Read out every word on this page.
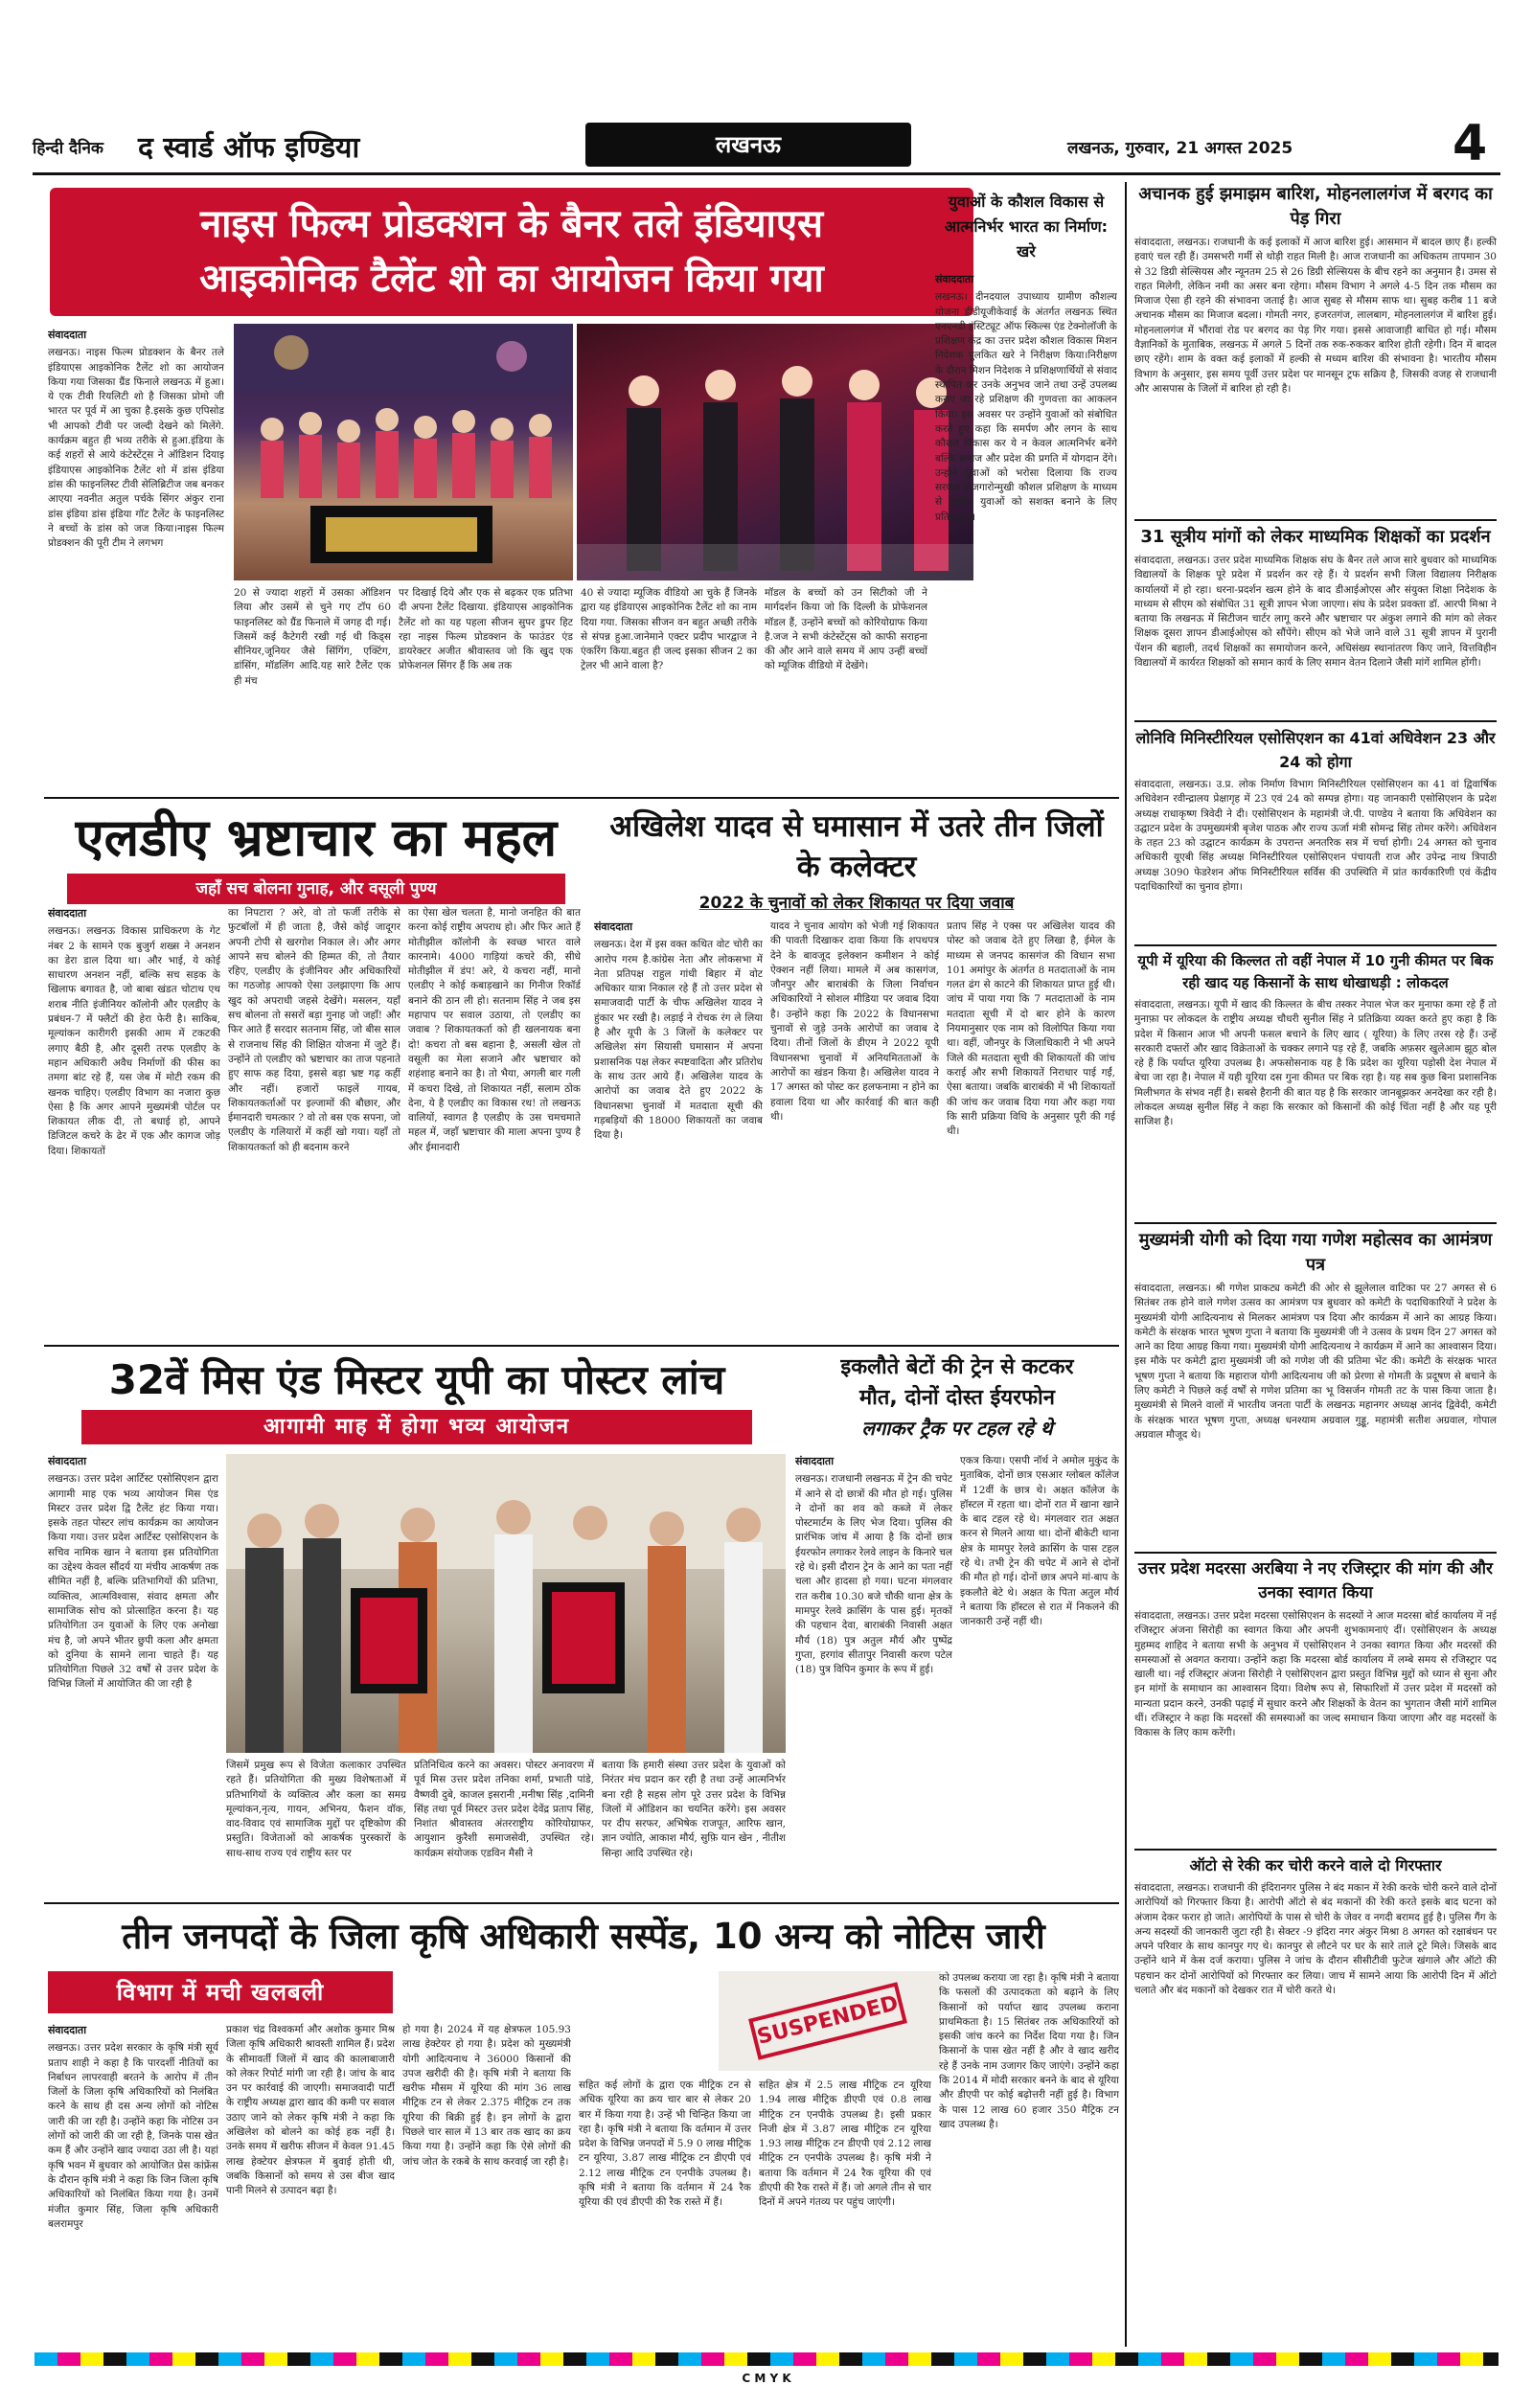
हिन्दी दैनिक द स्वार्ड ऑफ इण्डिया	लखनऊ	लखनऊ, गुरुवार, 21 अगस्त 2025	4
नाइस फिल्म प्रोडक्शन के बैनर तले इंडियाएस
आइकोनिक टैलेंट शो का आयोजन किया गया
संवाददाता
लखनऊ। नाइस फिल्म प्रोडक्शन के बैनर तले इंडियाएस आइकोनिक टैलेंट शो का आयोजन किया गया जिसका ग्रैंड फिनाले लखनऊ में हुआ।ये एक टीवी रियलिटी शो है जिसका प्रोमो जी भारत पर पूर्व में आ चुका है.इसके कुछ एपिसोड भी आपको टीवी पर जल्दी देखने को मिलेंगे. कार्यक्रम बहुत ही भव्य तरीके से हुआ.इंडिया के कई शहरों से आये कंटेस्टेंट्स ने ऑडिशन दियाइ इंडियाएस आइकोनिक टैलेंट शो में डांस इंडिया डांस की फाइनलिस्ट टीवी सेलिब्रिटीज जब बनकर आएया नवनीत अतुल पर्चके सिंगर अंकुर राना डांस इंडिया डांस इंडिया गॉट टैलेंट के फाइनलिस्ट ने बच्चों के डांस को जज किया।नाइस फिल्म प्रोडक्शन की पूरी टीम ने लगभग
20 से ज्यादा शहरों में उसका ऑडिशन लिया और उसमें से चुने गए टॉप 60 फाइनलिस्ट को ग्रैंड फिनाले में जगह दी गई।जिसमें कई कैटेगरी रखी गई थी किड्स सीनियर,जूनियर जैसे सिंगिंग, एक्टिंग, डांसिंग, मॉडलिंग आदि.यह सारे टैलेंट एक ही मंच
पर दिखाई दिये और एक से बढ़कर एक प्रतिभा दी अपना टैलेंट दिखाया. इंडियाएस आइकोनिक टैलेंट शो का यह पहला सीजन सुपर डुपर हिट रहा नाइस फिल्म प्रोडक्शन के फाउंडर एंड डायरेक्टर अजीत श्रीवास्तव जो कि खुद एक प्रोफेशनल सिंगर हैं कि अब तक
40 से ज्यादा म्यूजिक वीडियो आ चुके हैं जिनके द्वारा यह इंडियाएस आइकोनिक टैलेंट शो का नाम दिया गया. जिसका सीजन वन बहुत अच्छी तरीके से संपन्न हुआ.जानेमाने एक्टर प्रदीप भारद्वाज ने एंकरिंग किया.बहुत ही जल्द इसका सीजन 2 का ट्रेलर भी आने वाला है?
मॉडल के बच्चों को उन सिटीको जी ने मार्गदर्शन किया जो कि दिल्ली के प्रोफेशनल मॉडल हैं, उन्होंने बच्चों को कोरियोग्राफ किया है.जज ने सभी कंटेस्टेंट्स को काफी सराहना की और आने वाले समय में आप उन्हीं बच्चों को म्यूजिक वीडियो में देखेंगे।
युवाओं के कौशल विकास से आत्मनिर्भर भारत का निर्माण: खरे
संवाददाता
लखनऊ। दीनदयाल उपाध्याय ग्रामीण कौशल्य योजना डीडीयूजीकेवाई के अंतर्गत लखनऊ स्थित एनएनडी इंस्टिट्यूट ऑफ स्किल्स एंड टेक्नोलॉजी के प्रशिक्षण केंद्र का उत्तर प्रदेश कौशल विकास मिशन निदेशक पुलकित खरे ने निरीक्षण किया।निरीक्षण के दौरान मिशन निदेशक ने प्रशिक्षणार्थियों से संवाद स्थापित कर उनके अनुभव जाने तथा उन्हें उपलब्ध कराए जा रहे प्रशिक्षण की गुणवत्ता का आकलन किया। इस अवसर पर उन्होंने युवाओं को संबोधित करते हुए कहा कि समर्पण और लगन के साथ कौशल विकास कर ये न केवल आत्मनिर्भर बनेंगे बल्कि समाज और प्रदेश की प्रगति में योगदान देंगे।उन्होंने युवाओं को भरोसा दिलाया कि राज्य सरकार रोजगारोन्मुखी कौशल प्रशिक्षण के माध्यम से ग्रामीण युवाओं को सशक्त बनाने के लिए प्रतिबद्ध है।
एलडीए भ्रष्टाचार का महल
जहाँ सच बोलना गुनाह, और वसूली पुण्य
संवाददाता
लखनऊ। लखनऊ विकास प्राधिकरण के गेट नंबर 2 के सामने एक बुजुर्ग शख्स ने अनशन का डेरा डाल दिया था। और भाई, ये कोई साधारण अनशन नहीं, बल्कि सच सड़क के खिलाफ बगावत है, जो बाबा खंडत चोटाथ एथ शराब नीति इंजीनियर कॉलोनी और एलडीए के प्रबंधन-7 में फ्लैटों की हेरा फेरी है। साकिब, मूल्यांकन कारीगरी इसकी आम में टकटकी लगाए बैठी है, और दूसरी तरफ एलडीए के महान अधिकारी अवैध निर्माणों की फीस का तमगा बांट रहे हैं, यस जेब में मोटी रकम की खनक चाहिए। एलडीए विभाग का नजारा कुछ ऐसा है कि अगर आपने मुख्यमंत्री पोर्टल पर शिकायत लीक दी, तो बधाई हो, आपने डिजिटल कचरे के ढेर में एक और कागज जोड़ दिया। शिकायतों
का निपटारा ? अरे, वो तो फर्जी तरीके से फुटबॉलों में ही जाता है, जैसे कोई जादूगर अपनी टोपी से खरगोश निकाल ले। और अगर आपने सच बोलने की हिम्मत की, तो तैयार रहिए, एलडीए के इंजीनियर और अधिकारियों का गठजोड़ आपको ऐसा उलझाएगा कि आप खुद को अपराधी जहसे देखेंगे। मसलन, यहाँ सच बोलना तो ससरों बड़ा गुनाह जो जहाँ! और फिर आते हैं सरदार सतनाम सिंह, जो बीस साल से राजनाथ सिंह की शिक्षित योजना में जुटे हैं। उन्होंने तो एलडीए को भ्रष्टाचार का ताज पहनाते हुए साफ कह दिया, इससे बड़ा भ्रष्ट गढ़ कहीं और नहीं। हजारों फाइलें गायब, शिकायतकर्ताओं पर इल्जामों की बौछार, और ईमानदारी चमत्कार ? वो तो बस एक सपना, जो एलडीए के गलियारों में कहीं खो गया। यहाँ तो शिकायतकर्ता को ही बदनाम करने
का ऐसा खेल चलता है, मानो जनहित की बात करना कोई राष्ट्रीय अपराध हो। और फिर आते हैं मोतीझील कॉलोनी के स्वच्छ भारत वाले कारनामे। 4000 गाड़ियां कचरे की, सीधे मोतीझील में डंप! अरे, ये कचरा नहीं, मानो एलडीए ने कोई कबाड़खाने का गिनीज रिकॉर्ड बनाने की ठान ली हो। सतनाम सिंह ने जब इस महापाप पर सवाल उठाया, तो एलडीए का जवाब ? शिकायतकर्ता को ही खलनायक बना दो! कचरा तो बस बहाना है, असली खेल तो वसूली का मेला सजाने और भ्रष्टाचार को शहंशाह बनाने का है। तो भैया, अगली बार गली में कचरा दिखे, तो शिकायत नहीं, सलाम ठोक देना, ये है एलडीए का विकास रथ! तो लखनऊ वालियों, स्वागत है एलडीए के उस चमचमाते महल में, जहाँ भ्रष्टाचार की माला अपना पुण्य है और ईमानदारी
अखिलेश यादव से घमासान में उतरे तीन जिलों के कलेक्टर
2022 के चुनावों को लेकर शिकायत पर दिया जवाब
संवाददाता
लखनऊ। देश में इस वक्त कथित वोट चोरी का आरोप गरम है.कांग्रेस नेता और लोकसभा में नेता प्रतिपक्ष राहुल गांधी बिहार में वोट अधिकार यात्रा निकाल रहे हैं तो उत्तर प्रदेश से समाजवादी पार्टी के चीफ अखिलेश यादव ने हुंकार भर रखी है। लड़ाई ने रोचक रंग ले लिया है और यूपी के 3 जिलों के कलेक्टर पर अखिलेश संग सियासी घमासान में अपना प्रशासनिक पक्ष लेकर स्पष्टवादिता और प्रतिरोध के साथ उतर आये हैं। अखिलेश यादव के आरोपों का जवाब देते हुए 2022 के विधानसभा चुनावों में मतदाता सूची की गड़बड़ियों की 18000 शिकायतों का जवाब दिया है।
यादव ने चुनाव आयोग को भेजी गई शिकायत की पावती दिखाकर दावा किया कि शपथपत्र देने के बावजूद इलेक्शन कमीशन ने कोई ऐक्शन नहीं लिया। मामले में अब कासगंज, जौनपुर और बाराबंकी के जिला निर्वाचन अधिकारियों ने सोशल मीडिया पर जवाब दिया है। उन्होंने कहा कि 2022 के विधानसभा चुनावों से जुड़े उनके आरोपों का जवाब दे दिया। तीनों जिलों के डीएम ने 2022 यूपी विधानसभा चुनावों में अनियमितताओं के आरोपों का खंडन किया है। अखिलेश यादव ने 17 अगस्त को पोस्ट कर हलफनामा न होने का हवाला दिया था और कार्रवाई की बात कही थी।
प्रताप सिंह ने एक्स पर अखिलेश यादव की पोस्ट को जवाब देते हुए लिखा है, ईमेल के माध्यम से जनपद कासगंज की विधान सभा 101 अमांपुर के अंतर्गत 8 मतदाताओं के नाम गलत ढंग से काटने की शिकायत प्राप्त हुई थी। जांच में पाया गया कि 7 मतदाताओं के नाम मतदाता सूची में दो बार होने के कारण नियमानुसार एक नाम को विलोपित किया गया था। वहीं, जौनपुर के जिलाधिकारी ने भी अपने जिले की मतदाता सूची की शिकायतों की जांच कराई और सभी शिकायतें निराधार पाई गईं, ऐसा बताया। जबकि बाराबंकी में भी शिकायतों की जांच कर जवाब दिया गया और कहा गया कि सारी प्रक्रिया विधि के अनुसार पूरी की गई थी।
32वें मिस एंड मिस्टर यूपी का पोस्टर लांच
आगामी माह में होगा भव्य आयोजन
संवाददाता
लखनऊ। उत्तर प्रदेश आर्टिस्ट एसोसिएशन द्वारा आगामी माह एक भव्य आयोजन मिस एंड मिस्टर उत्तर प्रदेश द्वि टैलेंट हंट किया गया। इसके तहत पोस्टर लांच कार्यक्रम का आयोजन किया गया। उत्तर प्रदेश आर्टिस्ट एसोसिएशन के सचिव नामिक खान ने बताया इस प्रतियोगिता का उद्देश्य केवल सौंदर्य या मंचीय आकर्षण तक सीमित नहीं है, बल्कि प्रतिभागियों की प्रतिभा, व्यक्तित्व, आत्मविश्वास, संवाद क्षमता और सामाजिक सोच को प्रोत्साहित करना है। यह प्रतियोगिता उन युवाओं के लिए एक अनोखा मंच है, जो अपने भीतर छुपी कला और क्षमता को दुनिया के सामने लाना चाहते हैं। यह प्रतियोगिता पिछले 32 वर्षों से उत्तर प्रदेश के विभिन्न जिलों में आयोजित की जा रही है
जिसमें प्रमुख रूप से विजेता कलाकार उपस्थित रहते हैं। प्रतियोगिता की मुख्य विशेषताओं में प्रतिभागियों के व्यक्तित्व और कला का समग्र मूल्यांकन,नृत्य, गायन, अभिनय, फैशन वॉक, वाद-विवाद एवं सामाजिक मुद्दों पर दृष्टिकोण की प्रस्तुति। विजेताओं को आकर्षक पुरस्कारों के साथ-साथ राज्य एवं राष्ट्रीय स्तर पर
प्रतिनिधित्व करने का अवसर। पोस्टर अनावरण में पूर्व मिस उत्तर प्रदेश तनिका शर्मा, प्रभाती पांडे, वैष्णवी दुबे, काजल इसरानी ,मनीषा सिंह ,दामिनी सिंह तथा पूर्व मिस्टर उत्तर प्रदेश देवेंद्र प्रताप सिंह, निशांत श्रीवास्तव अंतरराष्ट्रीय कोरियोग्राफर, आयुशान कुरैशी समाजसेवी, उपस्थित रहे। कार्यक्रम संयोजक एडविन मैसी ने
बताया कि हमारी संस्था उत्तर प्रदेश के युवाओं को निरंतर मंच प्रदान कर रही है तथा उन्हें आत्मनिर्भर बना रही है सहस लोग पूरे उत्तर प्रदेश के विभिन्न जिलों में ऑडिशन का चयनित करेंगे। इस अवसर पर दीप सरफर, अभिषेक राजपूत, आरिफ खान, ज्ञान ज्योति, आकाश मौर्य, सुफ़ि यान खेन , नीतीश सिन्हा आदि उपस्थित रहे।
इकलौते बेटों की ट्रेन से कटकर
मौत, दोनों दोस्त ईयरफोन
लगाकर ट्रैक पर टहल रहे थे
संवाददाता
लखनऊ। राजधानी लखनऊ में ट्रेन की चपेट में आने से दो छात्रों की मौत हो गई। पुलिस ने दोनों का शव को कब्जे में लेकर पोस्टमार्टम के लिए भेज दिया। पुलिस की प्रारंभिक जांच में आया है कि दोनों छात्र ईयरफोन लगाकर रेलवे लाइन के किनारे चल रहे थे। इसी दौरान ट्रेन के आने का पता नहीं चला और हादसा हो गया। घटना मंगलवार रात करीब 10.30 बजे चौकी थाना क्षेत्र के मामपुर रेलवे क्रासिंग के पास हुई। मृतकों की पहचान देवा, बाराबंकी निवासी अक्षत मौर्य (18) पुत्र अतुल मौर्य और पुष्पेंद्र गुप्ता, हरगांव सीतापुर निवासी करण पटेल (18) पुत्र विपिन कुमार के रूप में हुई।
एकत्र किया। एसपी नॉर्थ ने अमोल मुकुंद के मुताबिक, दोनों छात्र एसआर ग्लोबल कॉलेज में 12वीं के छात्र थे। अक्षत कॉलेज के हॉस्टल में रहता था। दोनों रात में खाना खाने के बाद टहल रहे थे। मंगलवार रात अक्षत करन से मिलने आया था। दोनों बीकेटी थाना क्षेत्र के मामपुर रेलवे क्रासिंग के पास टहल रहे थे। तभी ट्रेन की चपेट में आने से दोनों की मौत हो गई। दोनों छात्र अपने मां-बाप के इकलौते बेटे थे। अक्षत के पिता अतुल मौर्य ने बताया कि हॉस्टल से रात में निकलने की जानकारी उन्हें नहीं थी।
तीन जनपदों के जिला कृषि अधिकारी सस्पेंड, 10 अन्य को नोटिस जारी
विभाग में मची खलबली	SUSPENDED
संवाददाता
लखनऊ। उत्तर प्रदेश सरकार के कृषि मंत्री सूर्य प्रताप शाही ने कहा है कि पारदर्शी नीतियों का निर्बाधन लापरवाही बरतने के आरोप में तीन जिलों के जिला कृषि अधिकारियों को निलंबित करने के साथ ही दस अन्य लोगों को नोटिस जारी की जा रही है। उन्होंने कहा कि नोटिस उन लोगों को जारी की जा रही है, जिनके पास खेत कम हैं और उन्होंने खाद ज्यादा उठा ली है। यहां कृषि भवन में बुधवार को आयोजित प्रेस कांफ्रेंस के दौरान कृषि मंत्री ने कहा कि जिन जिला कृषि अधिकारियों को निलंबित किया गया है। उनमें मंजीत कुमार सिंह, जिला कृषि अधिकारी बलरामपुर
प्रकाश चंद्र विश्वकर्मा और अशोक कुमार मिश्र जिला कृषि अधिकारी श्रावस्ती शामिल हैं। प्रदेश के सीमावर्ती जिलों में खाद की कालाबाजारी को लेकर रिपोर्ट मांगी जा रही है। जांच के बाद उन पर कार्रवाई की जाएगी। समाजवादी पार्टी के राष्ट्रीय अध्यक्ष द्वारा खाद की कमी पर सवाल उठाए जाने को लेकर कृषि मंत्री ने कहा कि अखिलेश को बोलने का कोई हक नहीं है। उनके समय में खरीफ सीजन में केवल 91.45 लाख हेक्टेयर क्षेत्रफल में बुवाई होती थी, जबकि किसानों को समय से उस बीज खाद पानी मिलने से उत्पादन बढ़ा है।
हो गया है। 2024 में यह क्षेत्रफल 105.93 लाख हेक्टेयर हो गया है। प्रदेश को मुख्यमंत्री योगी आदित्यनाथ ने 36000 किसानों की उपज खरीदी की है। कृषि मंत्री ने बताया कि खरीफ मौसम में यूरिया की मांग 36 लाख मीट्रिक टन से लेकर 2.375 मीट्रिक टन तक यूरिया की बिक्री हुई है। इन लोगों के द्वारा पिछले चार साल में 13 बार तक खाद का क्रय किया गया है। उन्होंने कहा कि ऐसे लोगों की जांच जोत के रकबे के साथ करवाई जा रही है।
सहित कई लोगों के द्वारा एक मीट्रिक टन से अधिक यूरिया का क्रय चार बार से लेकर 20 बार में किया गया है। उन्हें भी चिन्हित किया जा रहा है। कृषि मंत्री ने बताया कि वर्तमान में उत्तर प्रदेश के विभिन्न जनपदों में 5.9 0 लाख मीट्रिक टन यूरिया, 3.87 लाख मीट्रिक टन डीएपी एवं 2.12 लाख मीट्रिक टन एनपीके उपलब्ध है। कृषि मंत्री ने बताया कि वर्तमान में 24 रैक यूरिया की एवं डीएपी की रैक रास्ते में हैं।
सहित क्षेत्र में 2.5 लाख मीट्रिक टन यूरिया 1.94 लाख मीट्रिक डीएपी एवं 0.8 लाख मीट्रिक टन एनपीके उपलब्ध है। इसी प्रकार निजी क्षेत्र में 3.87 लाख मीट्रिक टन यूरिया 1.93 लाख मीट्रिक टन डीएपी एवं 2.12 लाख मीट्रिक टन एनपीके उपलब्ध है। कृषि मंत्री ने बताया कि वर्तमान में 24 रैक यूरिया की एवं डीएपी की रैक रास्ते में हैं। जो अगले तीन से चार दिनों में अपने गंतव्य पर पहुंच जाएंगी।
को उपलब्ध कराया जा रहा है। कृषि मंत्री ने बताया कि फसलों की उत्पादकता को बढ़ाने के लिए किसानों को पर्याप्त खाद उपलब्ध कराना प्राथमिकता है। 15 सितंबर तक अधिकारियों को इसकी जांच करने का निर्देश दिया गया है। जिन किसानों के पास खेत नहीं है और वे खाद खरीद रहे हैं उनके नाम उजागर किए जाएंगे। उन्होंने कहा कि 2014 में मोदी सरकार बनने के बाद से यूरिया और डीएपी पर कोई बढ़ोत्तरी नहीं हुई है। विभाग के पास 12 लाख 60 हजार 350 मैट्रिक टन खाद उपलब्ध है।
अचानक हुई झमाझम बारिश, मोहनलालगंज में बरगद का पेड़ गिरा
संवाददाता, लखनऊ। राजधानी के कई इलाकों में आज बारिश हुई। आसमान में बादल छाए हैं। हल्की हवाएं चल रही हैं। उमसभरी गर्मी से थोड़ी राहत मिली है। आज राजधानी का अधिकतम तापमान 30 से 32 डिग्री सेल्सियस और न्यूनतम 25 से 26 डिग्री सेल्सियस के बीच रहने का अनुमान है। उमस से राहत मिलेगी, लेकिन नमी का असर बना रहेगा। मौसम विभाग ने अगले 4-5 दिन तक मौसम का मिजाज ऐसा ही रहने की संभावना जताई है। आज सुबह से मौसम साफ था। सुबह करीब 11 बजे अचानक मौसम का मिजाज बदला। गोमती नगर, हजरतगंज, लालबाग, मोहनलालगंज में बारिश हुई। मोहनलालगंज में भौंरावां रोड पर बरगद का पेड़ गिर गया। इससे आवाजाही बाधित हो गई। मौसम वैज्ञानिकों के मुताबिक, लखनऊ में अगले 5 दिनों तक रुक-रुककर बारिश होती रहेगी। दिन में बादल छाए रहेंगे। शाम के वक्त कई इलाकों में हल्की से मध्यम बारिश की संभावना है। भारतीय मौसम विभाग के अनुसार, इस समय पूर्वी उत्तर प्रदेश पर मानसून ट्रफ सक्रिय है, जिसकी वजह से राजधानी और आसपास के जिलों में बारिश हो रही है।
31 सूत्रीय मांगों को लेकर माध्यमिक शिक्षकों का प्रदर्शन
संवाददाता, लखनऊ। उत्तर प्रदेश माध्यमिक शिक्षक संघ के बैनर तले आज सारे बुधवार को माध्यमिक विद्यालयों के शिक्षक पूरे प्रदेश में प्रदर्शन कर रहे हैं। ये प्रदर्शन सभी जिला विद्यालय निरीक्षक कार्यालयों में हो रहा। धरना-प्रदर्शन खत्म होने के बाद डीआईओएस और संयुक्त शिक्षा निदेशक के माध्यम से सीएम को संबोधित 31 सूत्री ज्ञापन भेजा जाएगा। संघ के प्रदेश प्रवक्ता डॉ. आरपी मिश्रा ने बताया कि लखनऊ में सिटीजन चार्टर लागू करने और भ्रष्टाचार पर अंकुश लगाने की मांग को लेकर शिक्षक दूसरा ज्ञापन डीआईओएस को सौंपेंगे। सीएम को भेजे जाने वाले 31 सूत्री ज्ञापन में पुरानी पेंशन की बहाली, तदर्थ शिक्षकों का समायोजन करने, अधिसंख्य स्थानांतरण किए जाने, वित्तविहीन विद्यालयों में कार्यरत शिक्षकों को समान कार्य के लिए समान वेतन दिलाने जैसी मांगें शामिल होंगी।
लोनिवि मिनिस्टीरियल एसोसिएशन का 41वां अधिवेशन 23 और 24 को होगा
संवाददाता, लखनऊ। उ.प्र. लोक निर्माण विभाग मिनिस्टीरियल एसोसिएशन का 41 वां द्विवार्षिक अधिवेशन रवीन्द्रालय प्रेक्षागृह में 23 एवं 24 को सम्पन्न होगा। यह जानकारी एसोसिएशन के प्रदेश अध्यक्ष राधाकृष्ण त्रिवेदी ने दी। एसोसिएशन के महामंत्री जे.पी. पाण्डेय ने बताया कि अधिवेशन का उद्घाटन प्रदेश के उपमुख्यमंत्री बृजेश पाठक और राज्य ऊर्जा मंत्री सोमन्द्र सिंह तोमर करेंगे। अधिवेशन के तहत 23 को उद्घाटन कार्यक्रम के उपरान्त अनतरिक सत्र में चर्चा होगी। 24 अगस्त को चुनाव अधिकारी यूएबी सिंह अध्यक्ष मिनिस्टीरियल एसोसिएशन पंचायती राज और उपेन्द्र नाथ त्रिपाठी अध्यक्ष 3090 फेडरेशन ऑफ मिनिस्टीरियल सर्विस की उपस्थिति में प्रांत कार्यकारिणी एवं केंद्रीय पदाधिकारियों का चुनाव होगा।
यूपी में यूरिया की किल्लत तो वहीं नेपाल में 10 गुनी कीमत पर बिक रही खाद यह किसानों के साथ धोखाधड़ी : लोकदल
संवाददाता, लखनऊ। यूपी में खाद की किल्लत के बीच तस्कर नेपाल भेज कर मुनाफा कमा रहे हैं तो मुनाफ़ा पर लोकदल के राष्ट्रीय अध्यक्ष चौधरी सुनील सिंह ने प्रतिक्रिया व्यक्त करते हुए कहा है कि प्रदेश में किसान आज भी अपनी फसल बचाने के लिए खाद ( यूरिया) के लिए तरस रहे हैं। उन्हें सरकारी दफ्तरों और खाद विक्रेताओं के चक्कर लगाने पड़ रहे हैं, जबकि अफ़सर खुलेआम झूठ बोल रहे हैं कि पर्याप्त यूरिया उपलब्ध है। अफसोसनाक यह है कि प्रदेश का यूरिया पड़ोसी देश नेपाल में बेचा जा रहा है। नेपाल में यही यूरिया दस गुना कीमत पर बिक रहा है। यह सब कुछ बिना प्रशासनिक मिलीभगत के संभव नहीं है। सबसे हैरानी की बात यह है कि सरकार जानबूझकर अनदेखा कर रही है। लोकदल अध्यक्ष सुनील सिंह ने कहा कि सरकार को किसानों की कोई चिंता नहीं है और यह पूरी साजिश है।
मुख्यमंत्री योगी को दिया गया गणेश महोत्सव का आमंत्रण पत्र
संवाददाता, लखनऊ। श्री गणेश प्राकट्य कमेटी की ओर से झूलेलाल वाटिका पर 27 अगस्त से 6 सितंबर तक होने वाले गणेश उत्सव का आमंत्रण पत्र बुधवार को कमेटी के पदाधिकारियों ने प्रदेश के मुख्यमंत्री योगी आदित्यनाथ से मिलकर आमंत्रण पत्र दिया और कार्यक्रम में आने का आग्रह किया। कमेटी के संरक्षक भारत भूषण गुप्ता ने बताया कि मुख्यमंत्री जी ने उत्सव के प्रथम दिन 27 अगस्त को आने का दिया आग्रह किया गया। मुख्यमंत्री योगी आदित्यनाथ ने कार्यक्रम में आने का आश्वासन दिया। इस मौके पर कमेटी द्वारा मुख्यमंत्री जी को गणेश जी की प्रतिमा भेंट की। कमेटी के संरक्षक भारत भूषण गुप्ता ने बताया कि महाराज योगी आदित्यनाथ जी को प्रेरणा से गोमती के प्रदूषण से बचाने के लिए कमेटी ने पिछले कई वर्षों से गणेश प्रतिमा का भू विसर्जन गोमती तट के पास किया जाता है। मुख्यमंत्री से मिलने वालों में भारतीय जनता पार्टी के लखनऊ महानगर अध्यक्ष आनंद द्विवेदी, कमेटी के संरक्षक भारत भूषण गुप्ता, अध्यक्ष धनश्याम अग्रवाल गुड्डू, महामंत्री सतीश अग्रवाल, गोपाल अग्रवाल मौजूद थे।
उत्तर प्रदेश मदरसा अरबिया ने नए रजिस्ट्रार की मांग की और उनका स्वागत किया
संवाददाता, लखनऊ। उत्तर प्रदेश मदरसा एसोसिएशन के सदस्यों ने आज मदरसा बोर्ड कार्यालय में नई रजिस्ट्रार अंजना सिरोही का स्वागत किया और अपनी शुभकामनाएं दीं। एसोसिएशन के अध्यक्ष मुहम्मद शाहिद ने बताया सभी के अनुभव में एसोसिएशन ने उनका स्वागत किया और मदरसों की समस्याओं से अवगत कराया। उन्होंने कहा कि मदरसा बोर्ड कार्यालय में लम्बे समय से रजिस्ट्रार पद खाली था। नई रजिस्ट्रार अंजना सिरोही ने एसोसिएशन द्वारा प्रस्तुत विभिन्न मुद्दों को ध्यान से सुना और इन मांगों के समाधान का आश्वासन दिया। विशेष रूप से, सिफारिशों में उत्तर प्रदेश में मदरसों को मान्यता प्रदान करने, उनकी पढ़ाई में सुधार करने और शिक्षकों के वेतन का भुगतान जैसी मांगें शामिल थीं। रजिस्ट्रार ने कहा कि मदरसों की समस्याओं का जल्द समाधान किया जाएगा और वह मदरसों के विकास के लिए काम करेंगी।
ऑटो से रेकी कर चोरी करने वाले दो गिरफ्तार
संवाददाता, लखनऊ। राजधानी की इंदिरानगर पुलिस ने बंद मकान में रेकी करके चोरी करने वाले दोनों आरोपियों को गिरफ्तार किया है। आरोपी ऑटो से बंद मकानों की रेकी करते इसके बाद घटना को अंजाम देकर फरार हो जाते। आरोपियों के पास से चोरी के जेवर व नगदी बरामद हुई है। पुलिस गैंग के अन्य सदस्यों की जानकारी जुटा रही है। सेक्टर -9 इंदिरा नगर अंकुर मिश्रा 8 अगस्त को रक्षाबंधन पर अपने परिवार के साथ कानपुर गए थे। कानपुर से लौटने पर घर के सारे ताले टूटे मिले। जिसके बाद उन्होंने थाने में केस दर्ज कराया। पुलिस ने जांच के दौरान सीसीटीवी फुटेज खंगाले और ऑटो की पहचान कर दोनों आरोपियों को गिरफ्तार कर लिया। जाच में सामने आया कि आरोपी दिन में ऑटो चलाते और बंद मकानों को देखकर रात में चोरी करते थे।
C M Y K
